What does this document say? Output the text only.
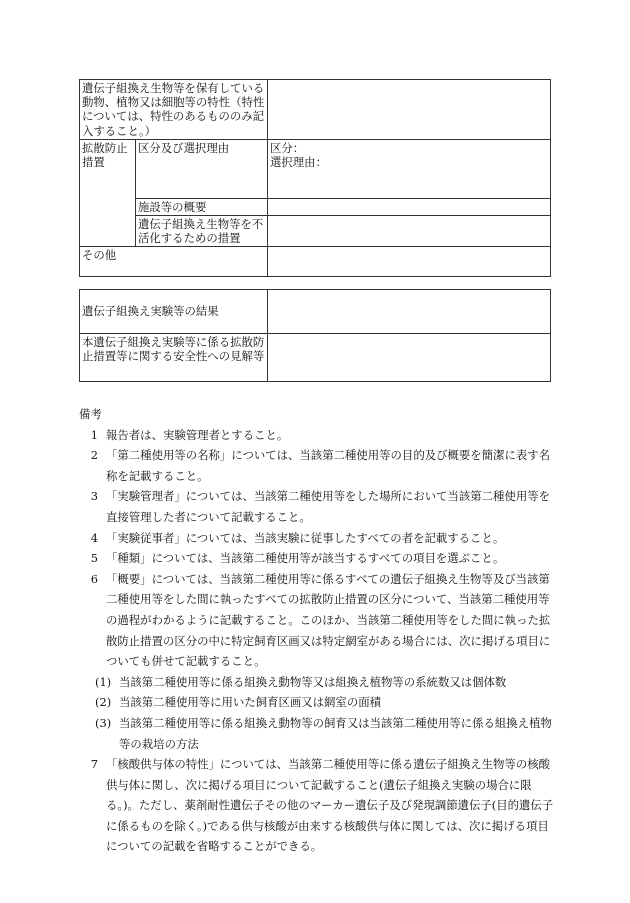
遺伝子組換え生物等を保有している動物、植物又は細胞等の特性（特性については、特性のあるもののみ記入すること。）		
拡散防止措置	区分及び選択理由	区分：
選択理由：

	施設等の概要	
	遺伝子組換え生物等を不活化するための措置	
その他		
遺伝子組換え実験等の結果	
本遺伝子組換え実験等に係る拡散防止措置等に関する安全性への見解等	
備考
1 報告者は、実験管理者とすること。
2 「第二種使用等の名称」については、当該第二種使用等の目的及び概要を簡潔に表す名称を記載すること。
3 「実験管理者」については、当該第二種使用等をした場所において当該第二種使用等を直接管理した者について記載すること。
4 「実験従事者」については、当該実験に従事したすべての者を記載すること。
5 「種類」については、当該第二種使用等が該当するすべての項目を選ぶこと。
6 「概要」については、当該第二種使用等に係るすべての遺伝子組換え生物等及び当該第二種使用等をした間に執ったすべての拡散防止措置の区分について、当該第二種使用等の過程がわかるように記載すること。このほか、当該第二種使用等をした間に執った拡散防止措置の区分の中に特定飼育区画又は特定網室がある場合には、次に掲げる項目についても併せて記載すること。
(1) 当該第二種使用等に係る組換え動物等又は組換え植物等の系統数又は個体数
(2) 当該第二種使用等に用いた飼育区画又は網室の面積
(3) 当該第二種使用等に係る組換え動物等の飼育又は当該第二種使用等に係る組換え植物等の栽培の方法
7 「核酸供与体の特性」については、当該第二種使用等に係る遺伝子組換え生物等の核酸供与体に関し、次に掲げる項目について記載すること(遺伝子組換え実験の場合に限る。)。ただし、薬剤耐性遺伝子その他のマーカー遺伝子及び発現調節遺伝子(目的遺伝子に係るものを除く。)である供与核酸が由来する核酸供与体に関しては、次に掲げる項目についての記載を省略することができる。
